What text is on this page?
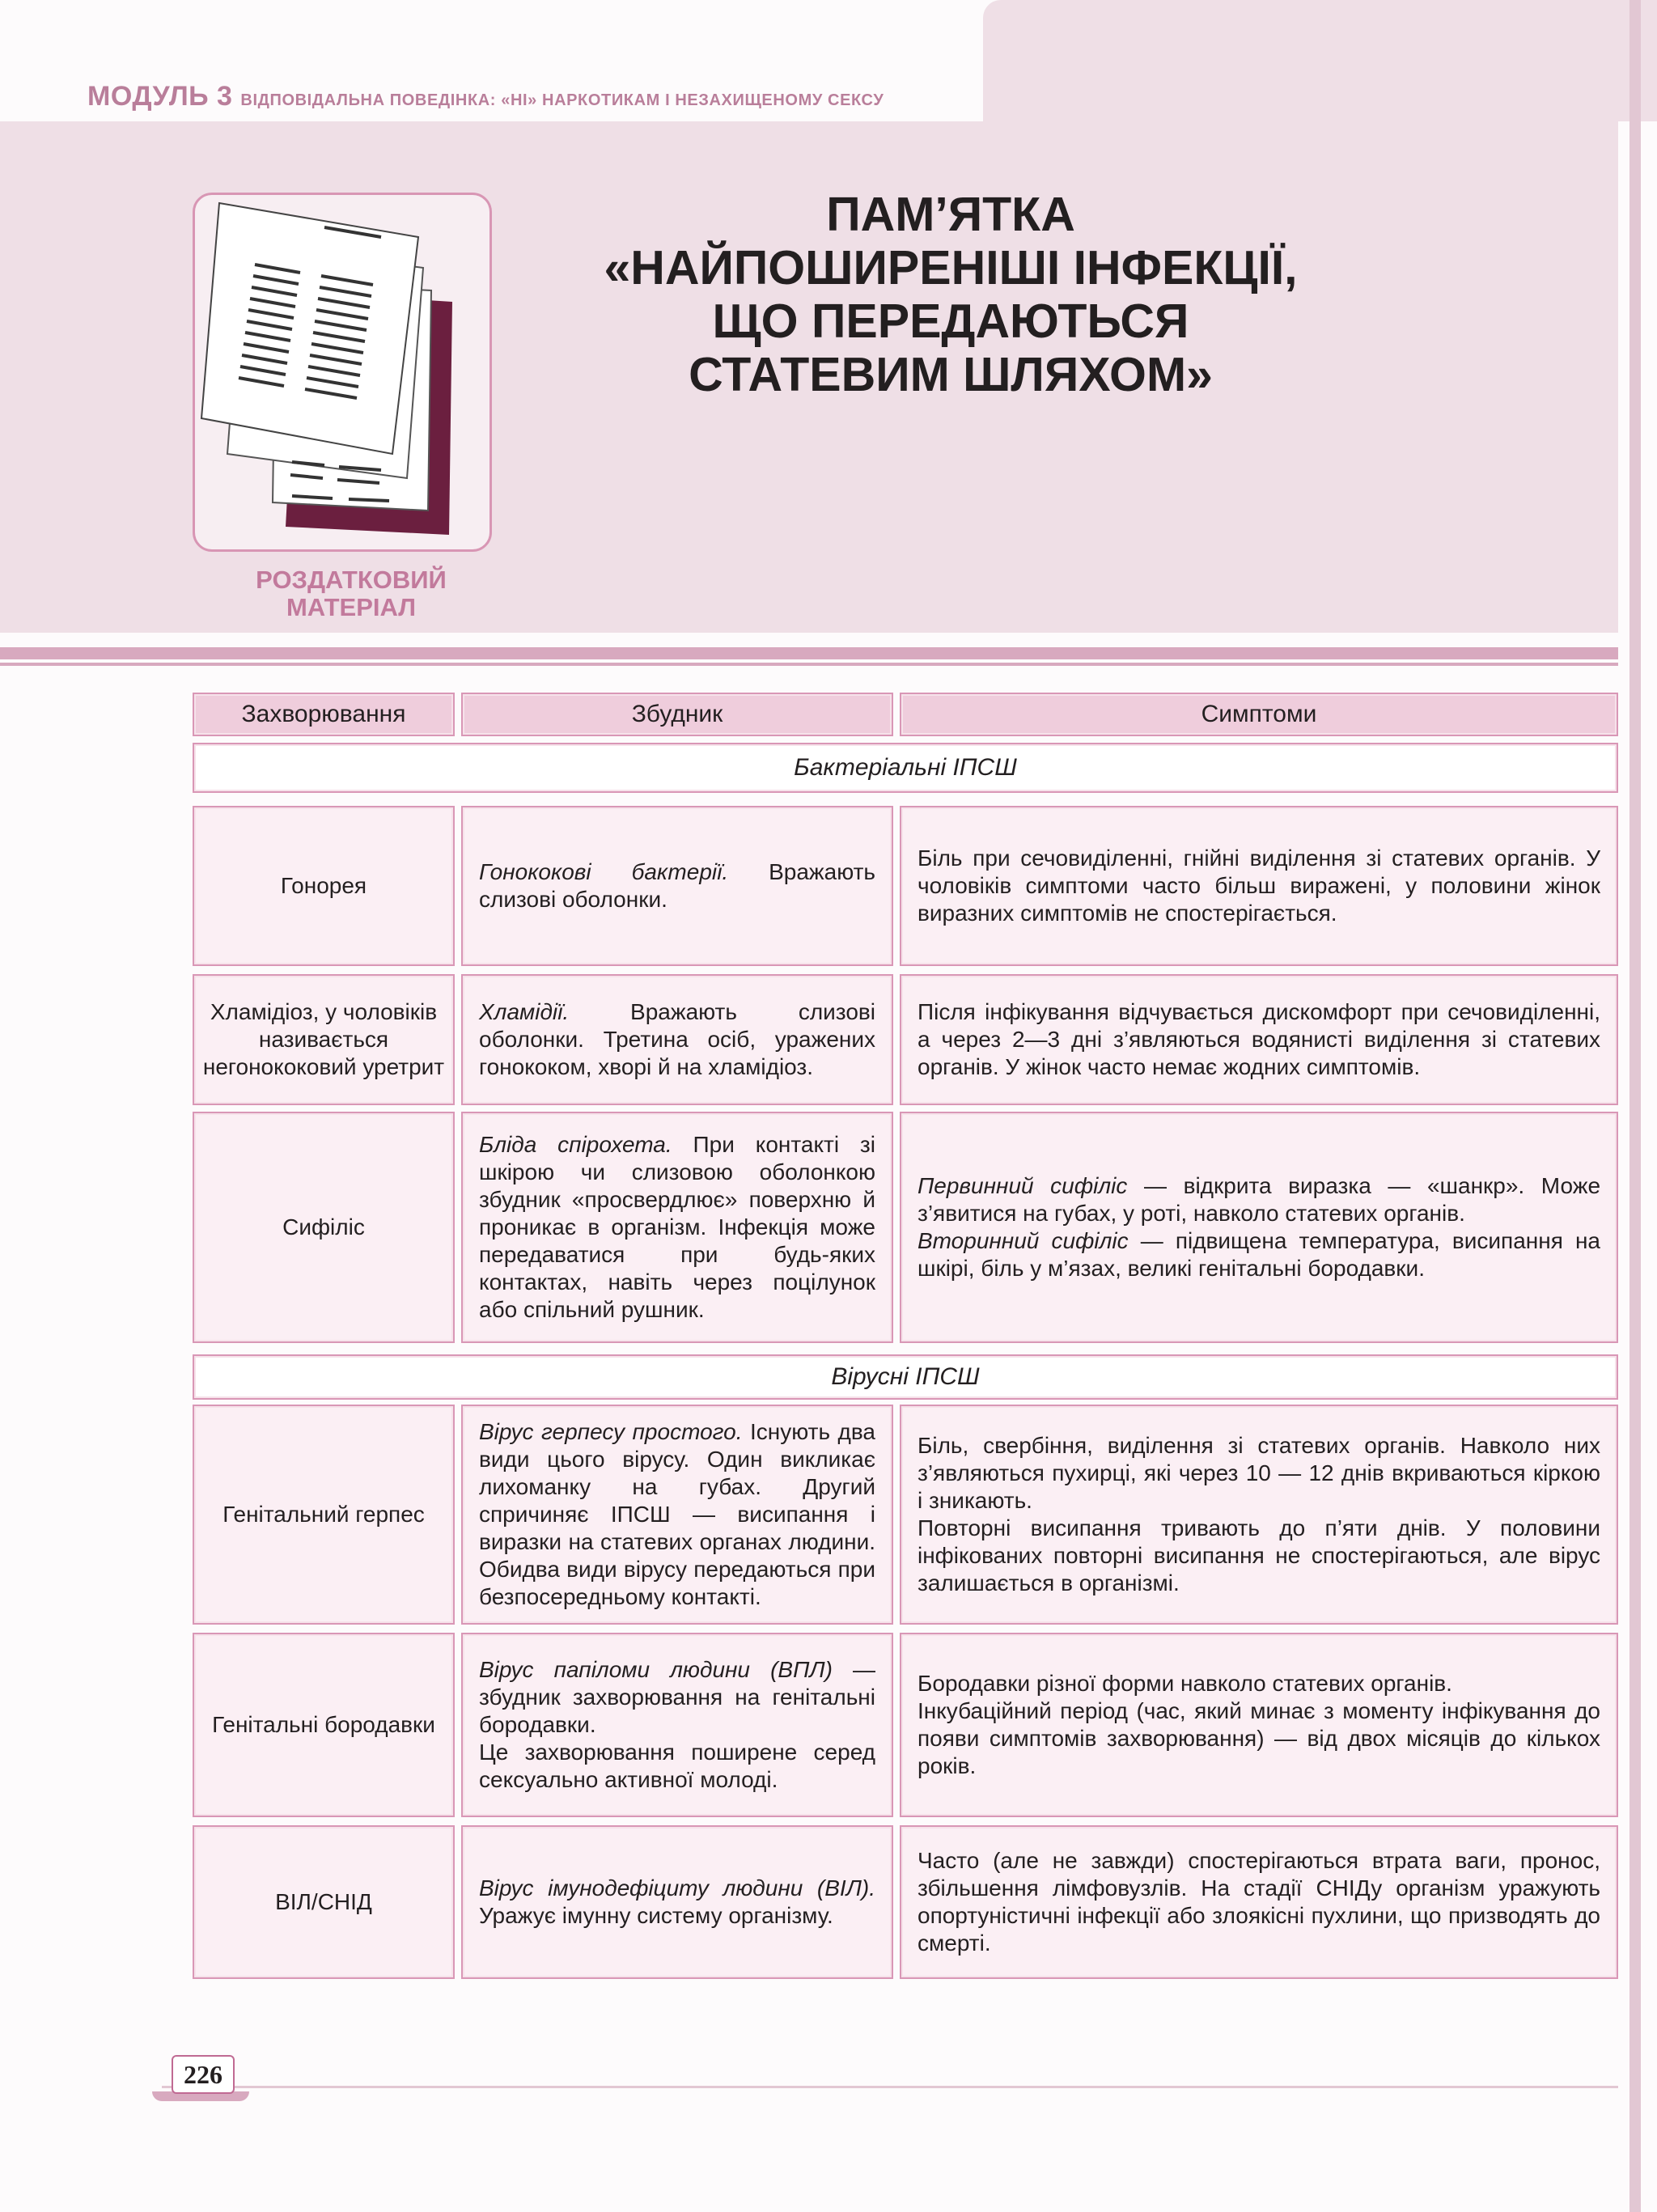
МОДУЛЬ 3 ВІДПОВІДАЛЬНА ПОВЕДІНКА: «НІ» НАРКОТИКАМ І НЕЗАХИЩЕНОМУ СЕКСУ
РОЗДАТКОВИЙ МАТЕРІАЛ
ПАМ’ЯТКА
«НАЙПОШИРЕНІШІ ІНФЕКЦІЇ,
ЩО ПЕРЕДАЮТЬСЯ
СТАТЕВИМ ШЛЯХОМ»
Захворювання	Збудник	Симптоми
Бактеріальні ІПСШ
Гонорея
Гонококові бактерії. Вражають слизові оболонки.
Біль при сечовиділенні, гнійні виділення зі статевих органів. У чоловіків симптоми часто більш виражені, у половини жінок виразних симптомів не спостерігається.
Хламідіоз, у чоловіків називається негонококовий уретрит
Хламідії. Вражають слизові оболонки. Третина осіб, уражених гонококом, хворі й на хламідіоз.
Після інфікування відчувається дискомфорт при сечовиділенні, а через 2—3 дні з’являються водянисті виділення зі статевих органів. У жінок часто немає жодних симптомів.
Сифіліс
Бліда спірохета. При контакті зі шкірою чи слизовою оболонкою збудник «просвердлює» поверхню й проникає в організм. Інфекція може передаватися при будь-яких контактах, навіть через поцілунок або спільний рушник.
Первинний сифіліс — відкрита виразка — «шанкр». Може з’явитися на губах, у роті, навколо статевих органів.
Вторинний сифіліс — підвищена температура, висипання на шкірі, біль у м’язах, великі генітальні бородавки.
Вірусні ІПСШ
Генітальний герпес
Вірус герпесу простого. Існують два види цього вірусу. Один викликає лихоманку на губах. Другий спричиняє ІПСШ — висипання і виразки на статевих органах людини. Обидва види вірусу передаються при безпосередньому контакті.
Біль, свербіння, виділення зі статевих органів. Навколо них з’являються пухирці, які через 10 — 12 днів вкриваються кіркою і зникають.
Повторні висипання тривають до п’яти днів. У половини інфікованих повторні висипання не спостерігаються, але вірус залишається в організмі.
Генітальні бородавки
Вірус папіломи людини (ВПЛ) — збудник захворювання на генітальні бородавки.
Це захворювання поширене серед сексуально активної молоді.
Бородавки різної форми навколо статевих органів.
Інкубаційний період (час, який минає з моменту інфікування до появи симптомів захворювання) — від двох місяців до кількох років.
ВІЛ/СНІД
Вірус імунодефіциту людини (ВІЛ). Уражує імунну систему організму.
Часто (але не завжди) спостерігаються втрата ваги, пронос, збільшення лімфовузлів. На стадії СНІДу організм уражують опортуністичні інфекції або злоякісні пухлини, що призводять до смерті.
226
